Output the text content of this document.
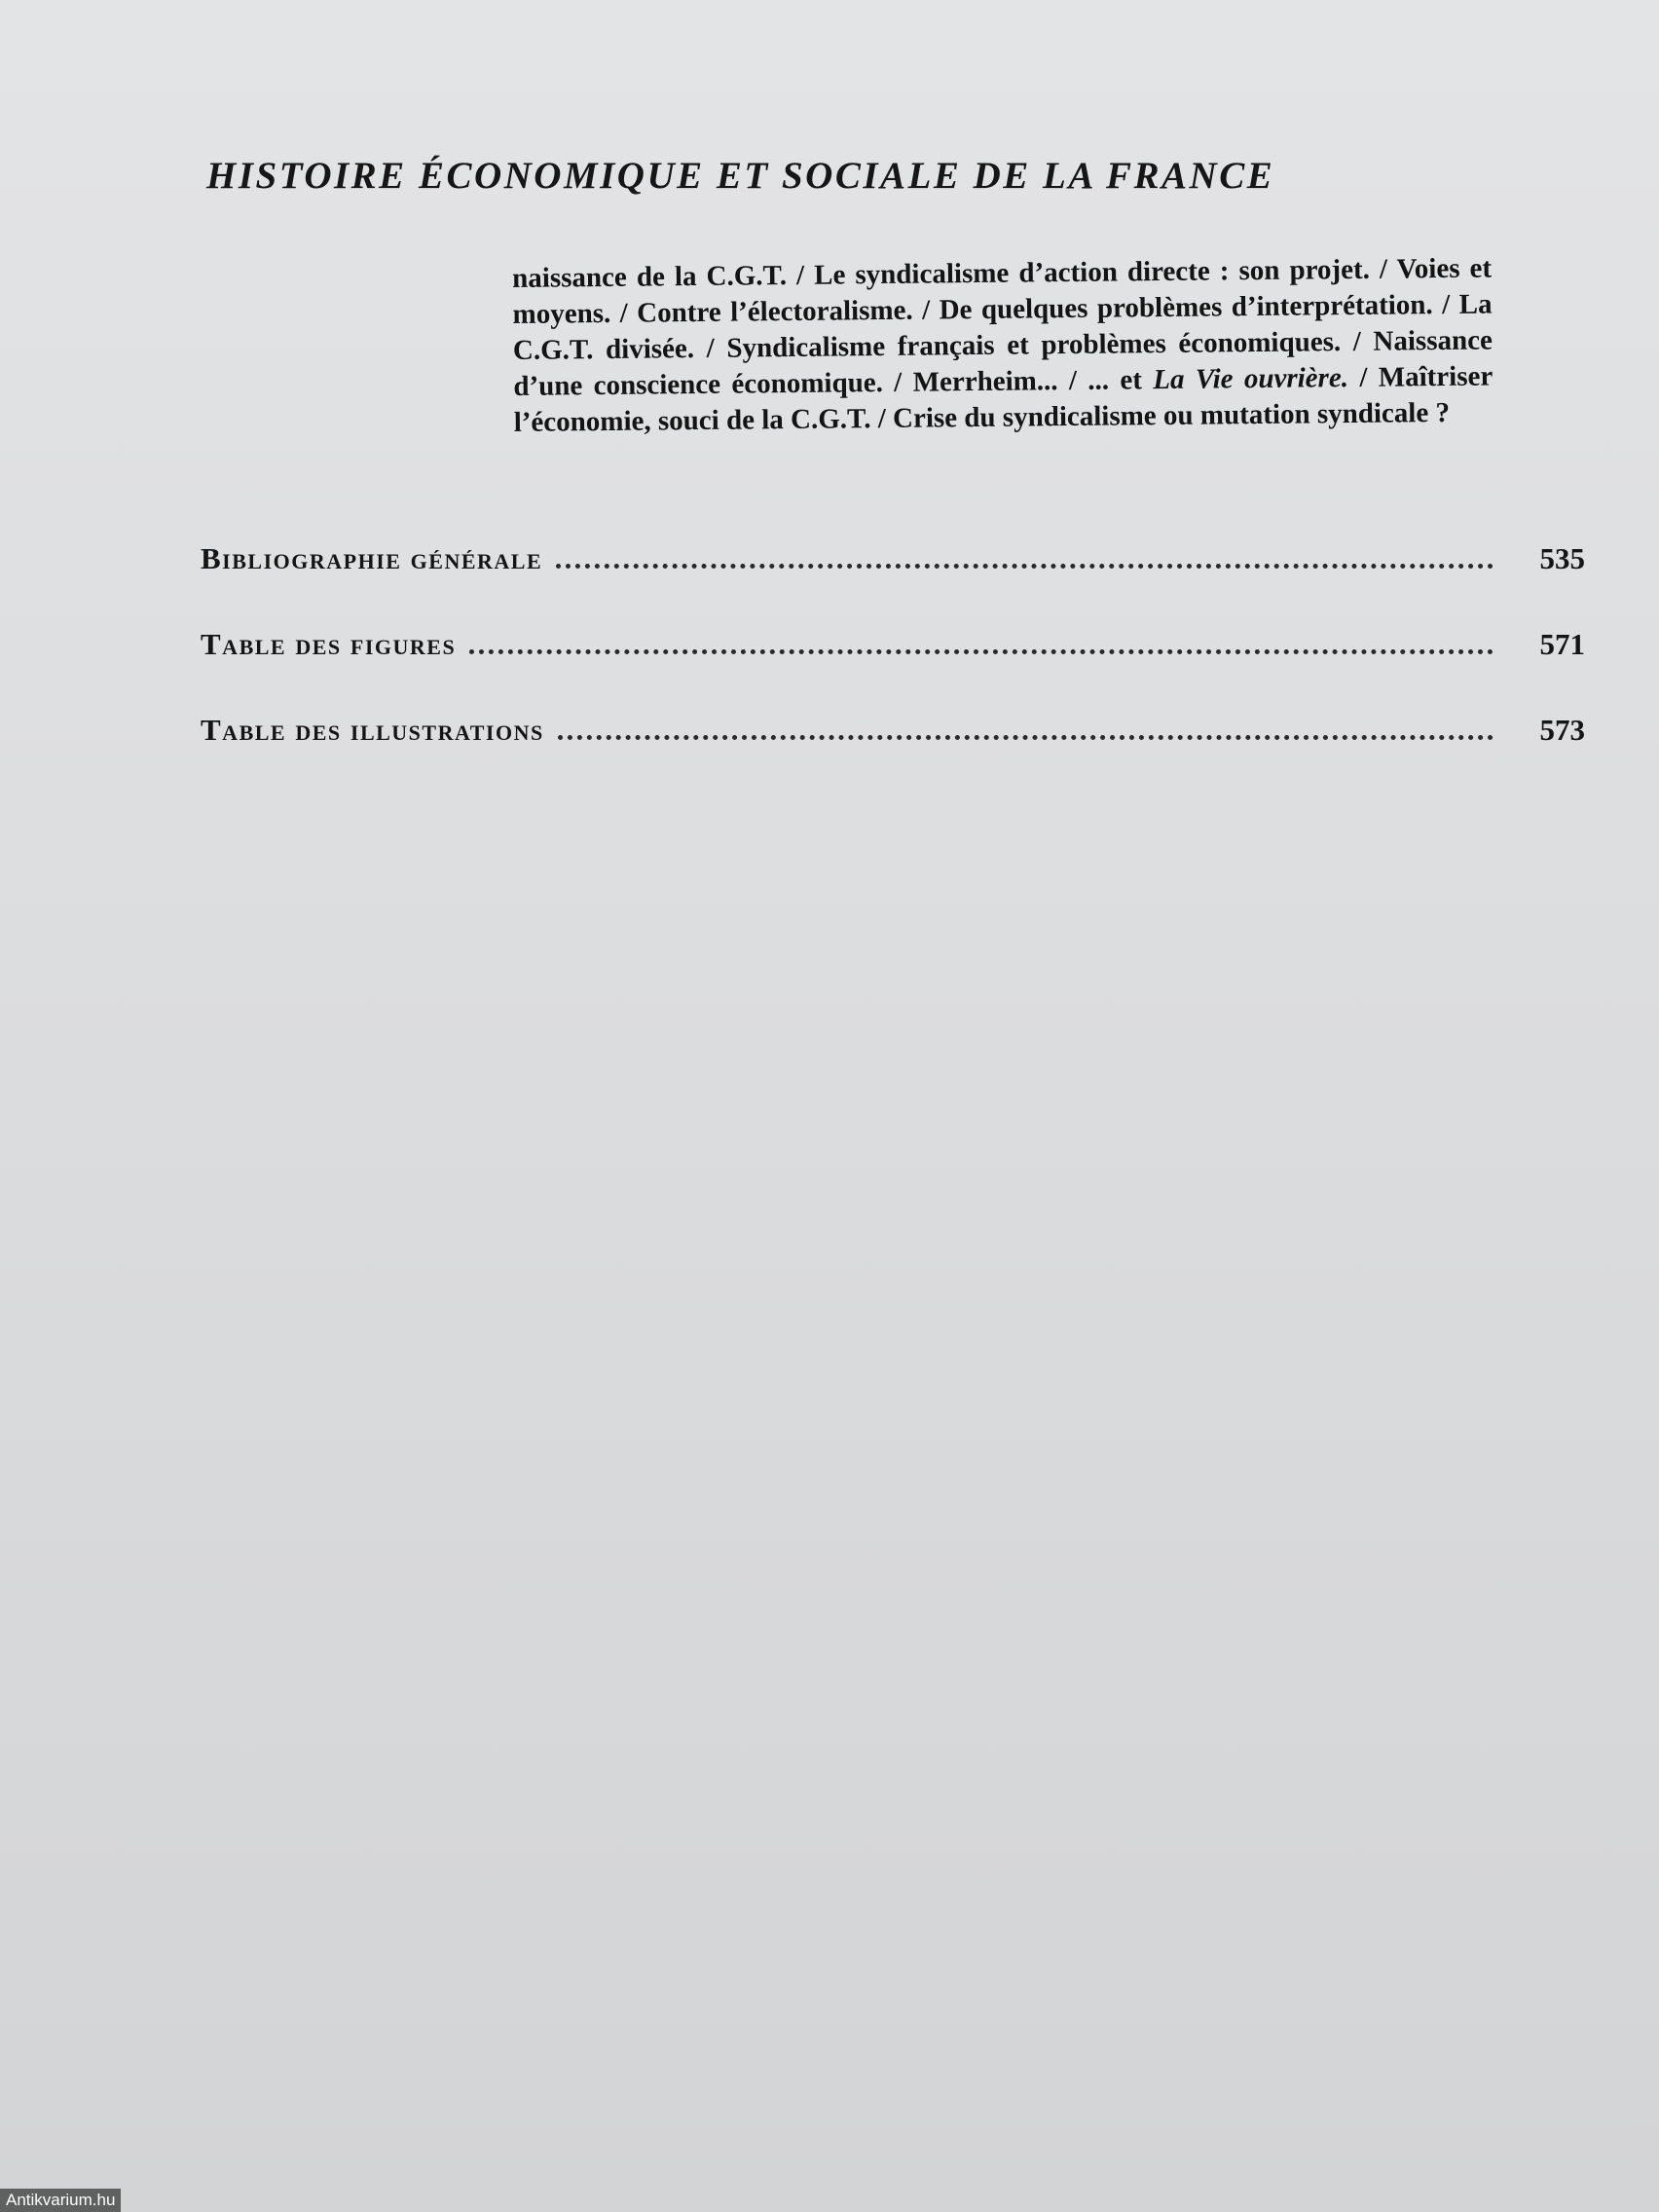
HISTOIRE ÉCONOMIQUE ET SOCIALE DE LA FRANCE
naissance de la C.G.T. / Le syndicalisme d’action directe : son projet. / Voies et moyens. / Contre l’électoralisme. / De quelques problèmes d’interprétation. / La C.G.T. divisée. / Syndicalisme français et problèmes économiques. / Naissance d’une conscience économique. / Merrheim... / ... et La Vie ouvrière. / Maîtriser l’économie, souci de la C.G.T. / Crise du syndicalisme ou mutation syndicale ?
Bibliographie générale	535
Table des figures	571
Table des illustrations	573
Antikvarium.hu
